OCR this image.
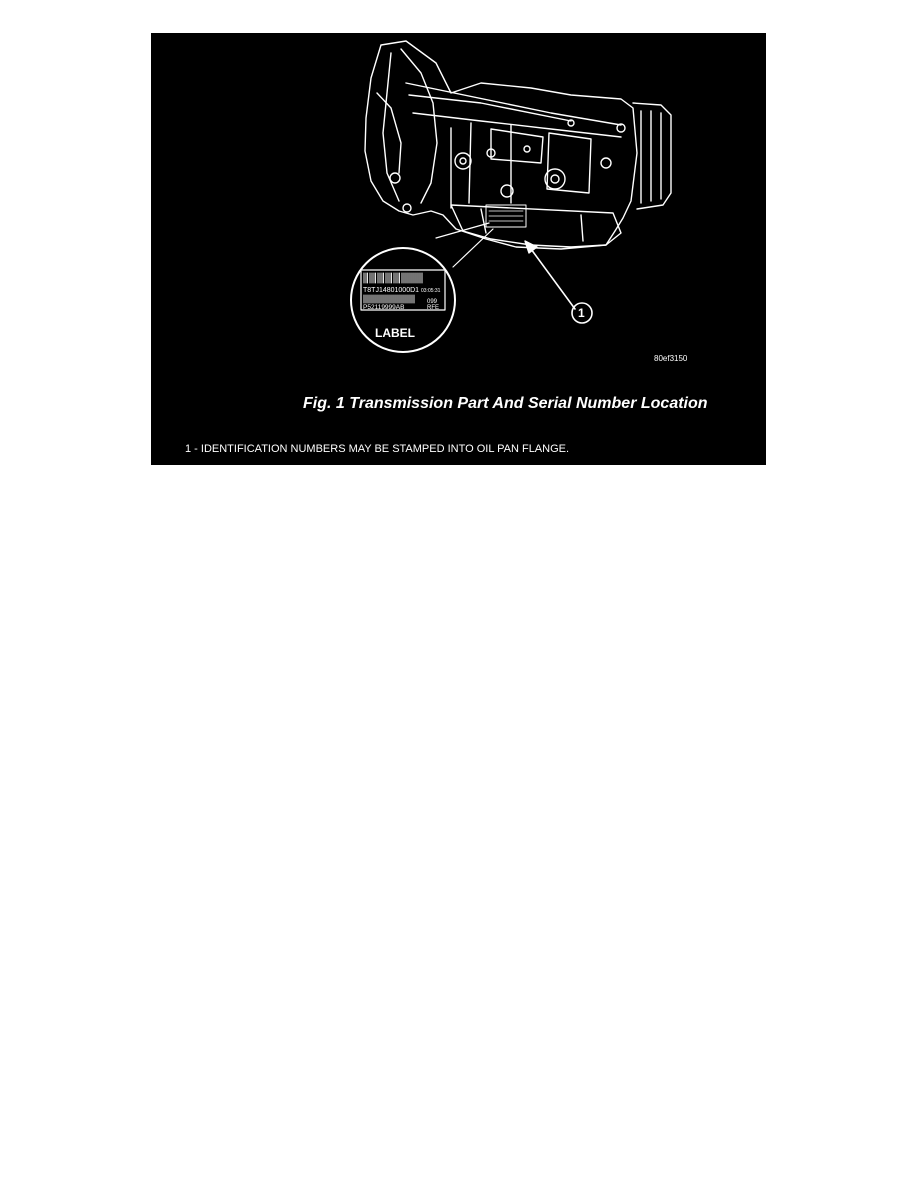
T8TJ14801000D1 03:05:31
099
P52119999AB	RFE
LABEL
1
80ef3150
Fig. 1 Transmission Part And Serial Number Location
1 - IDENTIFICATION NUMBERS MAY BE STAMPED INTO OIL PAN FLANGE.
